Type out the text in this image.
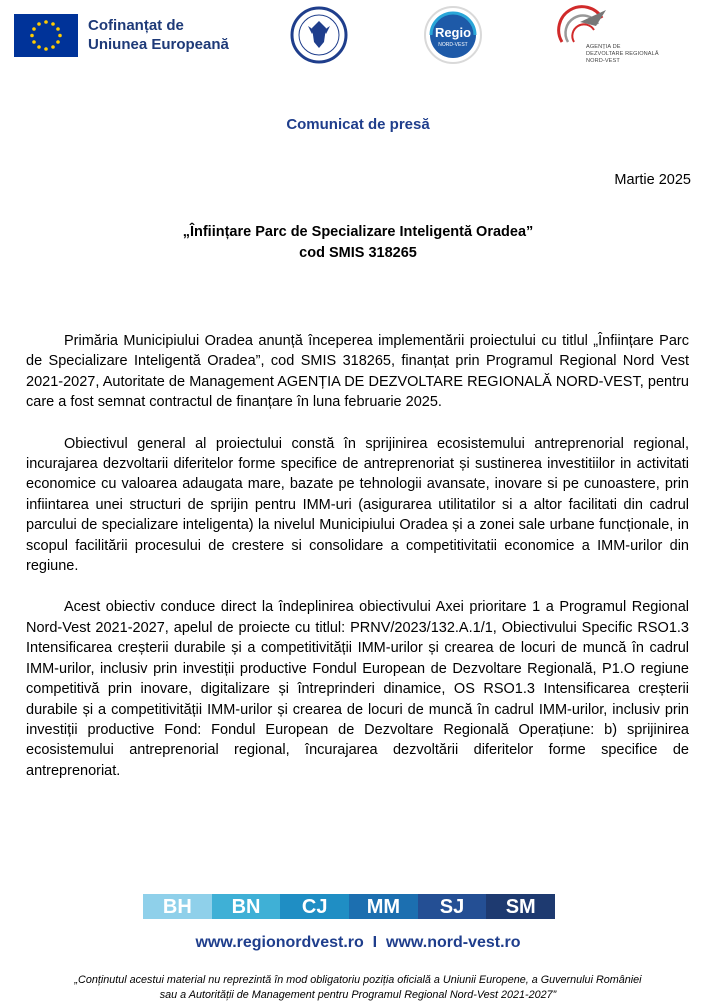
Cofinanțat de
Uniunea Europeană
Regio
NORD-VEST	AGENȚIA DE
DEZVOLTARE REGIONALĂ
NORD-VEST
Comunicat de presă
Martie 2025
„Înființare Parc de Specializare Inteligentă Oradea”
cod SMIS 318265

Primăria Municipiului Oradea anunță începerea implementării proiectului cu titlul „Înființare Parc de Specializare Inteligentă Oradea”, cod SMIS 318265, finanțat prin Programul Regional Nord Vest 2021-2027, Autoritate de Management AGENȚIA DE DEZVOLTARE REGIONALĂ NORD-VEST, pentru care a fost semnat contractul de finanțare în luna februarie 2025.

Obiectivul general al proiectului constă în sprijinirea ecosistemului antreprenorial regional, incurajarea dezvoltarii diferitelor forme specifice de antreprenoriat și sustinerea investitiilor in activitati economice cu valoarea adaugata mare, bazate pe tehnologii avansate, inovare si pe cunoastere, prin infiintarea unei structuri de sprijin pentru IMM-uri (asigurarea utilitatilor si a altor facilitati din cadrul parcului de specializare inteligenta) la nivelul Municipiului Oradea și a zonei sale urbane funcționale, in scopul facilitării procesului de crestere si consolidare a competitivitatii economice a IMM-urilor din regiune.

Acest obiectiv conduce direct la îndeplinirea obiectivului Axei prioritare 1 a Programul Regional Nord-Vest 2021-2027, apelul de proiecte cu titlul: PRNV/2023/132.A.1/1, Obiectivului Specific RSO1.3 Intensificarea creșterii durabile și a competitivității IMM-urilor și crearea de locuri de muncă în cadrul IMM-urilor, inclusiv prin investiții productive Fondul European de Dezvoltare Regională, P1.O regiune competitivă prin inovare, digitalizare și întreprinderi dinamice, OS RSO1.3 Intensificarea creșterii durabile și a competitivității IMM-urilor și crearea de locuri de muncă în cadrul IMM-urilor, inclusiv prin investiții productive Fond: Fondul European de Dezvoltare Regională Operațiune: b) sprijinirea ecosistemului antreprenorial regional, încurajarea dezvoltării diferitelor forme specifice de antreprenoriat.

BH	BN	CJ	MM	SJ	SM
www.regionordvest.ro  I  www.nord-vest.ro
„Conținutul acestui material nu reprezintă în mod obligatoriu poziția oficială a Uniunii Europene, a Guvernului României
sau a Autorității de Management pentru Programul Regional Nord-Vest 2021-2027”
